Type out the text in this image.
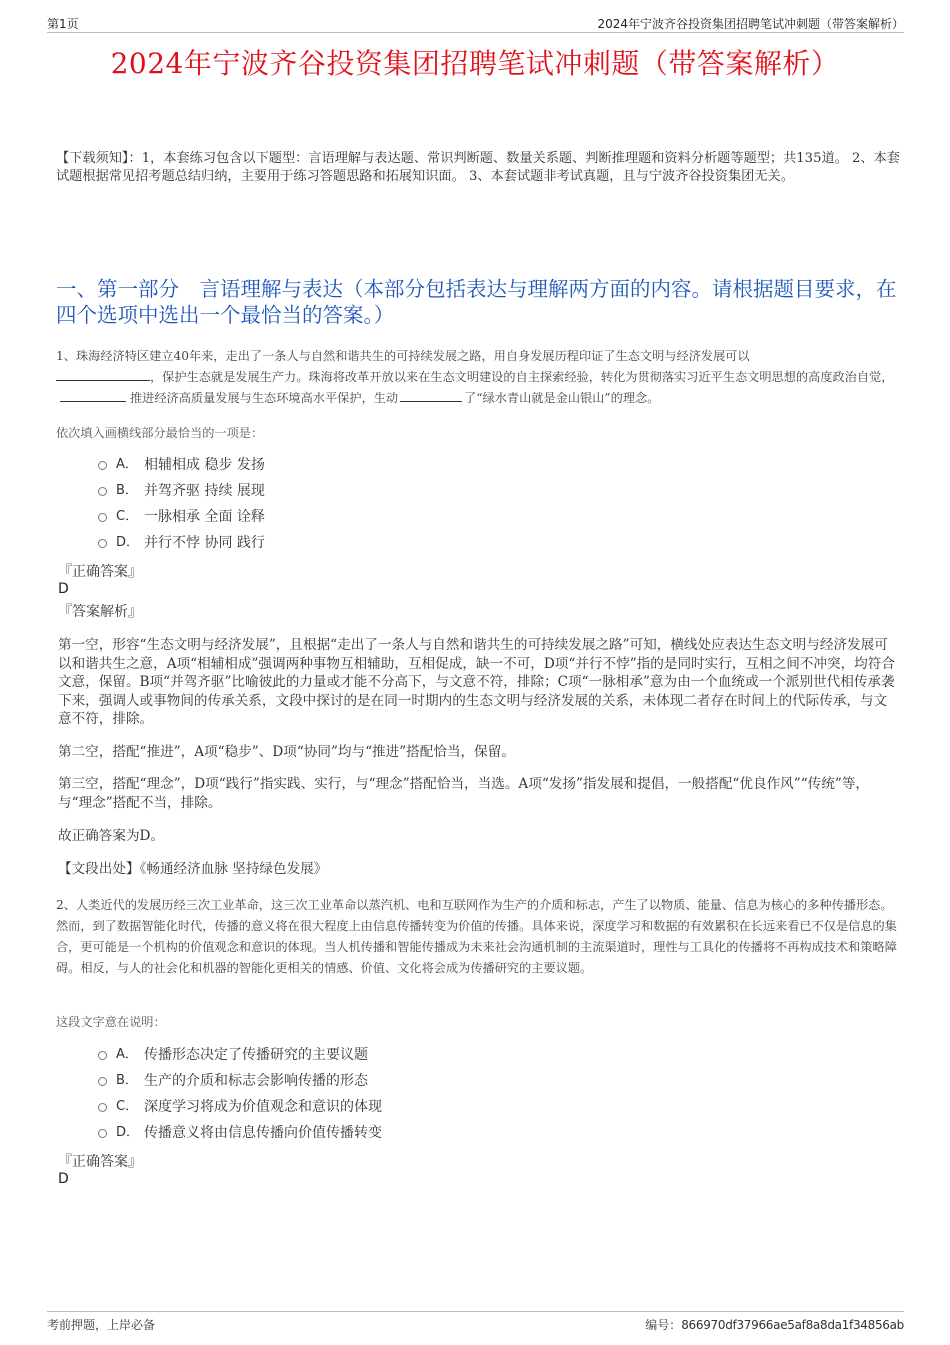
第1页	2024年宁波齐谷投资集团招聘笔试冲刺题（带答案解析）
2024年宁波齐谷投资集团招聘笔试冲刺题（带答案解析）
【下载须知】：1，本套练习包含以下题型：言语理解与表达题、常识判断题、数量关系题、判断推理题和资料分析题等题型；共135道。 2、本套试题根据常见招考题总结归纳，主要用于练习答题思路和拓展知识面。 3、本套试题非考试真题，且与宁波齐谷投资集团无关。
一、第一部分　言语理解与表达（本部分包括表达与理解两方面的内容。请根据题目要求，在四个选项中选出一个最恰当的答案。）
1、珠海经济特区建立40年来，走出了一条人与自然和谐共生的可持续发展之路，用自身发展历程印证了生态文明与经济发展可以
，保护生态就是发展生产力。珠海将改革开放以来在生态文明建设的自主探索经验，转化为贯彻落实习近平生态文明思想的高度政治自觉，推进经济高质量发展与生态环境高水平保护，生动	了“绿水青山就是金山银山”的理念。
依次填入画横线部分最恰当的一项是：
A． 相辅相成 稳步 发扬
B． 并驾齐驱 持续 展现
C． 一脉相承 全面 诠释
D． 并行不悖 协同 践行
『正确答案』
D
『答案解析』
第一空，形容“生态文明与经济发展”，且根据“走出了一条人与自然和谐共生的可持续发展之路”可知，横线处应表达生态文明与经济发展可以和谐共生之意，A项“相辅相成”强调两种事物互相辅助，互相促成，缺一不可，D项“并行不悖”指的是同时实行，互相之间不冲突，均符合文意，保留。B项“并驾齐驱”比喻彼此的力量或才能不分高下，与文意不符，排除；C项“一脉相承”意为由一个血统或一个派别世代相传承袭下来，强调人或事物间的传承关系，文段中探讨的是在同一时期内的生态文明与经济发展的关系，未体现二者存在时间上的代际传承，与文意不符，排除。
第二空，搭配“推进”，A项“稳步”、D项“协同”均与“推进”搭配恰当，保留。
第三空，搭配“理念”，D项“践行”指实践、实行，与“理念”搭配恰当，当选。A项“发扬”指发展和提倡，一般搭配“优良作风”“传统”等，与“理念”搭配不当，排除。
故正确答案为D。
【文段出处】《畅通经济血脉 坚持绿色发展》
2、人类近代的发展历经三次工业革命，这三次工业革命以蒸汽机、电和互联网作为生产的介质和标志，产生了以物质、能量、信息为核心的多种传播形态。然而，到了数据智能化时代，传播的意义将在很大程度上由信息传播转变为价值的传播。具体来说，深度学习和数据的有效累积在长远来看已不仅是信息的集合，更可能是一个机构的价值观念和意识的体现。当人机传播和智能传播成为未来社会沟通机制的主流渠道时，理性与工具化的传播将不再构成技术和策略障碍。相反，与人的社会化和机器的智能化更相关的情感、价值、文化将会成为传播研究的主要议题。
这段文字意在说明：
A． 传播形态决定了传播研究的主要议题
B． 生产的介质和标志会影响传播的形态
C． 深度学习将成为价值观念和意识的体现
D． 传播意义将由信息传播向价值传播转变
『正确答案』
D
考前押题，上岸必备	编号：866970df37966ae5af8a8da1f34856ab
